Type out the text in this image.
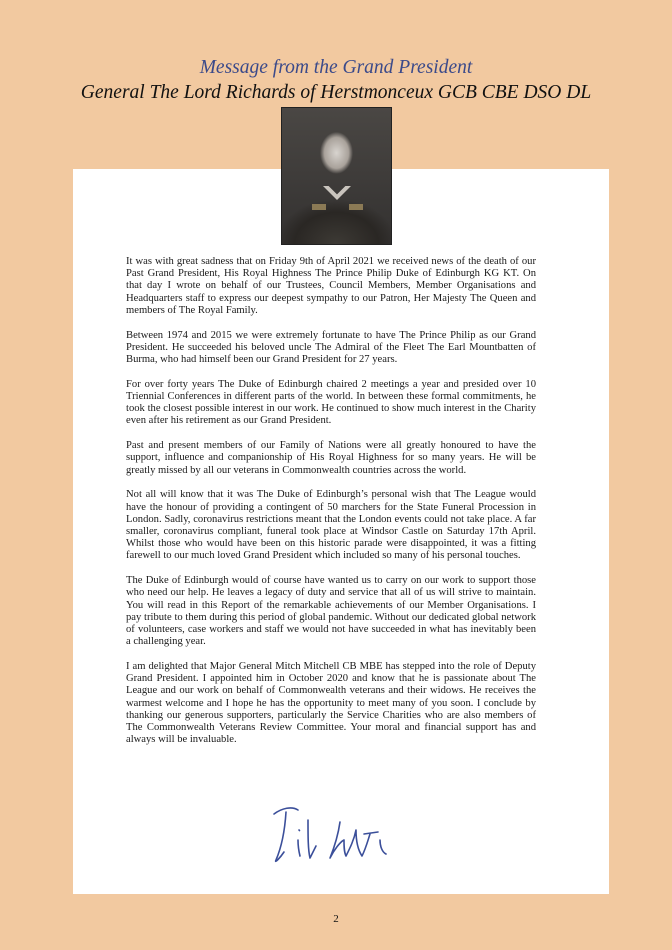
Message from the Grand President
General The Lord Richards of Herstmonceux GCB CBE DSO DL

It was with great sadness that on Friday 9th of April 2021 we received news of the death of our Past Grand President, His Royal Highness The Prince Philip Duke of Edinburgh KG KT. On that day I wrote on behalf of our Trustees, Council Members, Member Organisations and Headquarters staff to express our deepest sympathy to our Patron, Her Majesty The Queen and members of The Royal Family.

Between 1974 and 2015 we were extremely fortunate to have The Prince Philip as our Grand President. He succeeded his beloved uncle The Admiral of the Fleet The Earl Mountbatten of Burma, who had himself been our Grand President for 27 years.

For over forty years The Duke of Edinburgh chaired 2 meetings a year and presided over 10 Triennial Conferences in different parts of the world. In between these formal commitments, he took the closest possible interest in our work. He continued to show much interest in the Charity even after his retirement as our Grand President.

Past and present members of our Family of Nations were all greatly honoured to have the support, influence and companionship of His Royal Highness for so many years. He will be greatly missed by all our veterans in Commonwealth countries across the world.

Not all will know that it was The Duke of Edinburgh’s personal wish that The League would have the honour of providing a contingent of 50 marchers for the State Funeral Procession in London. Sadly, coronavirus restrictions meant that the London events could not take place. A far smaller, coronavirus compliant, funeral took place at Windsor Castle on Saturday 17th April. Whilst those who would have been on this historic parade were disappointed, it was a fitting farewell to our much loved Grand President which included so many of his personal touches.

The Duke of Edinburgh would of course have wanted us to carry on our work to support those who need our help. He leaves a legacy of duty and service that all of us will strive to maintain. You will read in this Report of the remarkable achievements of our Member Organisations. I pay tribute to them during this period of global pandemic. Without our dedicated global network of volunteers, case workers and staff we would not have succeeded in what has inevitably been a challenging year.

I am delighted that Major General Mitch Mitchell CB MBE has stepped into the role of Deputy Grand President. I appointed him in October 2020 and know that he is passionate about The League and our work on behalf of Commonwealth veterans and their widows. He receives the warmest welcome and I hope he has the opportunity to meet many of you soon. I conclude by thanking our generous supporters, particularly the Service Charities who are also members of The Commonwealth Veterans Review Committee. Your moral and financial support has and always will be invaluable.

2
